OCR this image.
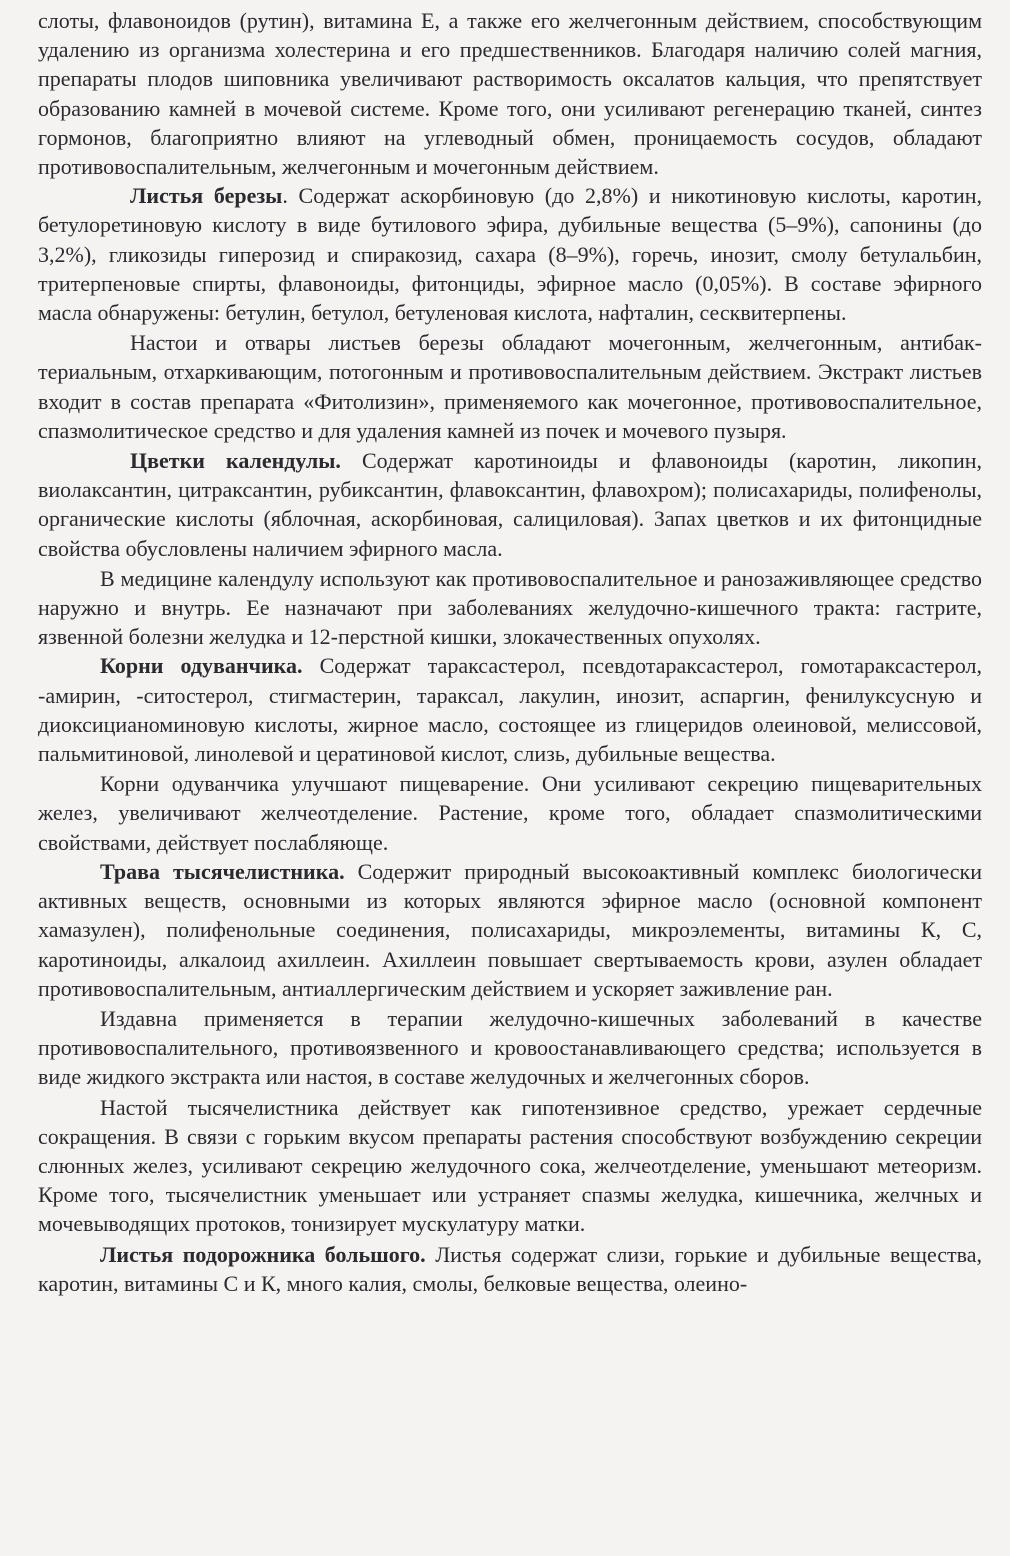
слоты, флавоноидов (рутин), витамина Е, а также его желчегонным действием, способствующим удалению из организма холестерина и его предшественников. Благодаря наличию солей магния, препараты плодов шиповника увеличивают растворимость оксалатов кальция, что препятствует образованию камней в мочевой системе. Кроме того, они усиливают регенерацию тканей, синтез гормонов, благоприятно влияют на углеводный обмен, проницаемость сосудов, обладают противовоспалительным, желчегонным и мочегонным действием.

Листья березы. Содержат аскорбиновую (до 2,8%) и никотиновую кислоты, каротин, бетулоретиновую кислоту в виде бутилового эфира, дубильные вещества (5–9%), сапонины (до 3,2%), гликозиды гиперозид и спиракозид, сахара (8–9%), горечь, инозит, смолу бетулальбин, тритерпеновые спирты, флавоноиды, фитонциды, эфирное масло (0,05%). В составе эфирного масла обнаружены: бетулин, бетулол, бетуленовая кислота, нафталин, сесквитерпены.

Настои и отвары листьев березы обладают мочегонным, желчегонным, антибактериальным, отхаркивающим, потогонным и противовоспалительным действием. Экстракт листьев входит в состав препарата «Фитолизин», применяемого как мочегонное, противовоспалительное, спазмолитическое средство и для удаления камней из почек и мочевого пузыря.

Цветки календулы. Содержат каротиноиды и флавоноиды (каротин, ликопин, виолаксантин, цитраксантин, рубиксантин, флавоксантин, флавохром); полисахариды, полифенолы, органические кислоты (яблочная, аскорбиновая, салициловая). Запах цветков и их фитонцидные свойства обусловлены наличием эфирного масла.

В медицине календулу используют как противовоспалительное и ранозаживляющее средство наружно и внутрь. Ее назначают при заболеваниях желудочно-кишечного тракта: гастрите, язвенной болезни желудка и 12-перстной кишки, злокачественных опухолях.

Корни одуванчика. Содержат тараксастерол, псевдотараксастерол, гомотараксастерол, -амирин, -ситостерол, стигмастерин, тараксал, лакулин, инозит, аспаргин, фенилуксусную и диоксицианоминовую кислоты, жирное масло, состоящее из глицеридов олеиновой, мелиссовой, пальмитиновой, линолевой и цератиновой кислот, слизь, дубильные вещества.

Корни одуванчика улучшают пищеварение. Они усиливают секрецию пищеварительных желез, увеличивают желчеотделение. Растение, кроме того, обладает спазмолитическими свойствами, действует послабляюще.

Трава тысячелистника. Содержит природный высокоактивный комплекс биологически активных веществ, основными из которых являются эфирное масло (основной компонент хамазулен), полифенольные соединения, полисахариды, микроэлементы, витамины К, С, каротиноиды, алкалоид ахиллеин. Ахиллеин повышает свертываемость крови, азулен обладает противовоспалительным, антиаллергическим действием и ускоряет заживление ран.

Издавна применяется в терапии желудочно-кишечных заболеваний в качестве противовоспалительного, противоязвенного и кровоостанавливающего средства; используется в виде жидкого экстракта или настоя, в составе желудочных и желчегонных сборов.

Настой тысячелистника действует как гипотензивное средство, урежает сердечные сокращения. В связи с горьким вкусом препараты растения способствуют возбуждению секреции слюнных желез, усиливают секрецию желудочного сока, желчеотделение, уменьшают метеоризм. Кроме того, тысячелистник уменьшает или устраняет спазмы желудка, кишечника, желчных и мочевыводящих протоков, тонизирует мускулатуру матки.

Листья подорожника большого. Листья содержат слизи, горькие и дубильные вещества, каротин, витамины С и К, много калия, смолы, белковые вещества, олеино-
